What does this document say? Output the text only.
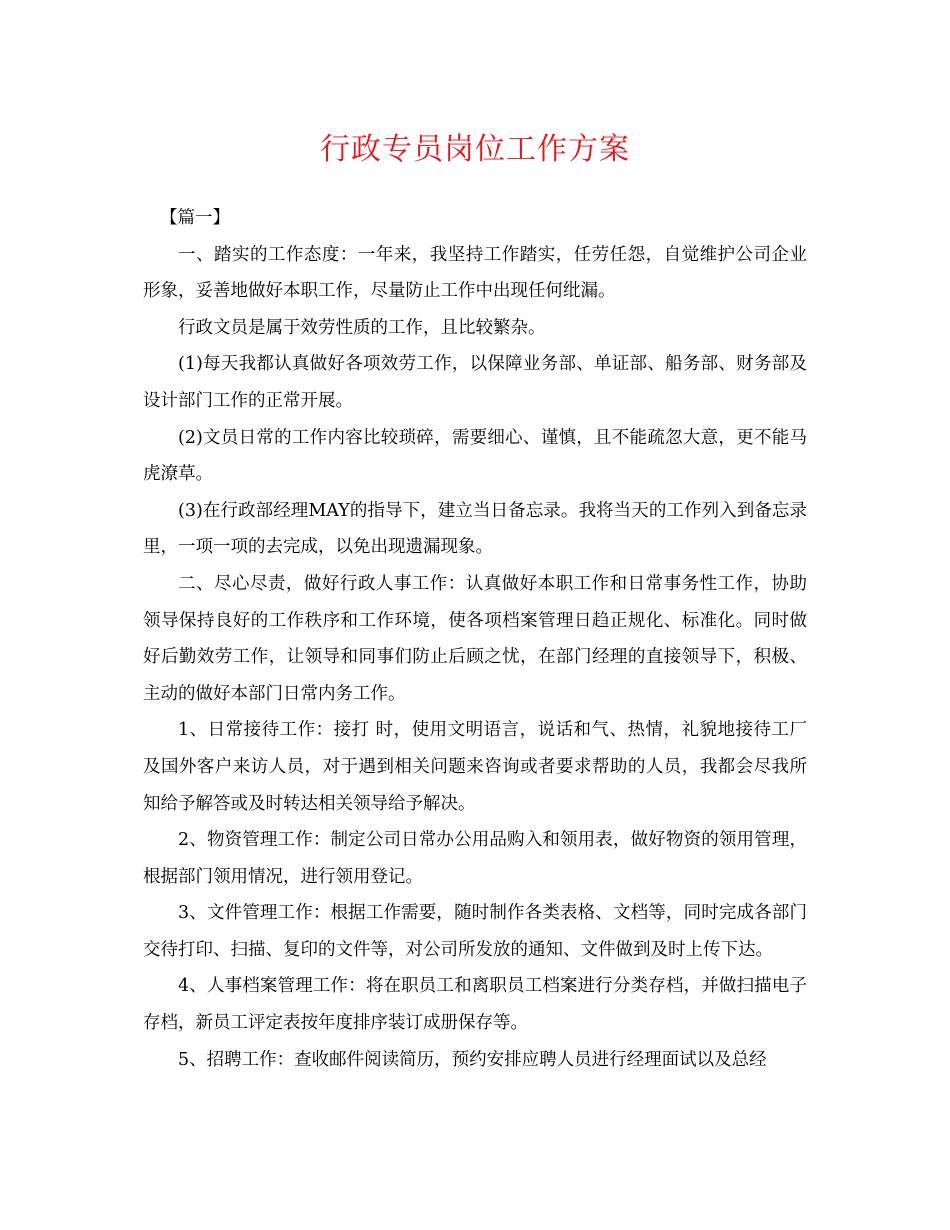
行政专员岗位工作方案

【篇一】

一、踏实的工作态度：一年来，我坚持工作踏实，任劳任怨，自觉维护公司企业形象，妥善地做好本职工作，尽量防止工作中出现任何纰漏。

行政文员是属于效劳性质的工作，且比较繁杂。

(1)每天我都认真做好各项效劳工作，以保障业务部、单证部、船务部、财务部及设计部门工作的正常开展。

(2)文员日常的工作内容比较琐碎，需要细心、谨慎，且不能疏忽大意，更不能马虎潦草。

(3)在行政部经理MAY的指导下，建立当日备忘录。我将当天的工作列入到备忘录里，一项一项的去完成，以免出现遗漏现象。

二、尽心尽责，做好行政人事工作：认真做好本职工作和日常事务性工作，协助领导保持良好的工作秩序和工作环境，使各项档案管理日趋正规化、标准化。同时做好后勤效劳工作，让领导和同事们防止后顾之忧，在部门经理的直接领导下，积极、主动的做好本部门日常内务工作。

1、日常接待工作：接打 时，使用文明语言，说话和气、热情，礼貌地接待工厂及国外客户来访人员，对于遇到相关问题来咨询或者要求帮助的人员，我都会尽我所知给予解答或及时转达相关领导给予解决。

2、物资管理工作：制定公司日常办公用品购入和领用表，做好物资的领用管理，根据部门领用情况，进行领用登记。

3、文件管理工作：根据工作需要，随时制作各类表格、文档等，同时完成各部门交待打印、扫描、复印的文件等，对公司所发放的通知、文件做到及时上传下达。

4、人事档案管理工作：将在职员工和离职员工档案进行分类存档，并做扫描电子存档，新员工评定表按年度排序装订成册保存等。

5、招聘工作：查收邮件阅读简历，预约安排应聘人员进行经理面试以及总经
